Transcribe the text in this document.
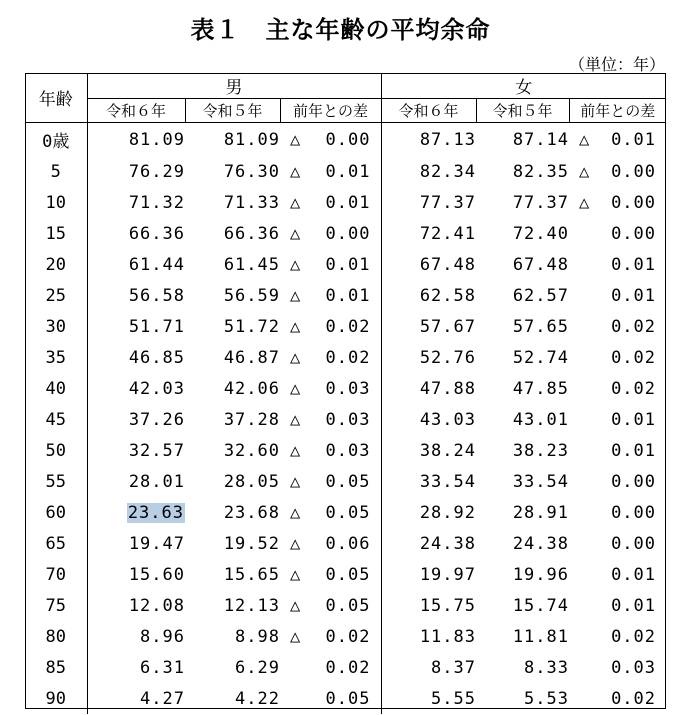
表１　主な年齢の平均余命
（単位：年）
年齢	男			女		
	令和６年	令和５年	前年との差	令和６年	令和５年	前年との差
0歳	81.09	81.09	△ 0.00	87.13	87.14	△ 0.01

5	76.29	76.30	△ 0.01	82.34	82.35	△ 0.00

10	71.32	71.33	△ 0.01	77.37	77.37	△ 0.00

15	66.36	66.36	△ 0.00	72.41	72.40	0.00

20	61.44	61.45	△ 0.01	67.48	67.48	0.01

25	56.58	56.59	△ 0.01	62.58	62.57	0.01

30	51.71	51.72	△ 0.02	57.67	57.65	0.02

35	46.85	46.87	△ 0.02	52.76	52.74	0.02

40	42.03	42.06	△ 0.03	47.88	47.85	0.02

45	37.26	37.28	△ 0.03	43.03	43.01	0.01

50	32.57	32.60	△ 0.03	38.24	38.23	0.01

55	28.01	28.05	△ 0.05	33.54	33.54	0.00

60	23.63	23.68	△ 0.05	28.92	28.91	0.00

65	19.47	19.52	△ 0.06	24.38	24.38	0.00

70	15.60	15.65	△ 0.05	19.97	19.96	0.01

75	12.08	12.13	△ 0.05	15.75	15.74	0.01

80	8.96	8.98	△ 0.02	11.83	11.81	0.02

85	6.31	6.29	0.02	8.37	8.33	0.03

90	4.27	4.22	0.05	5.55	5.53	0.02
